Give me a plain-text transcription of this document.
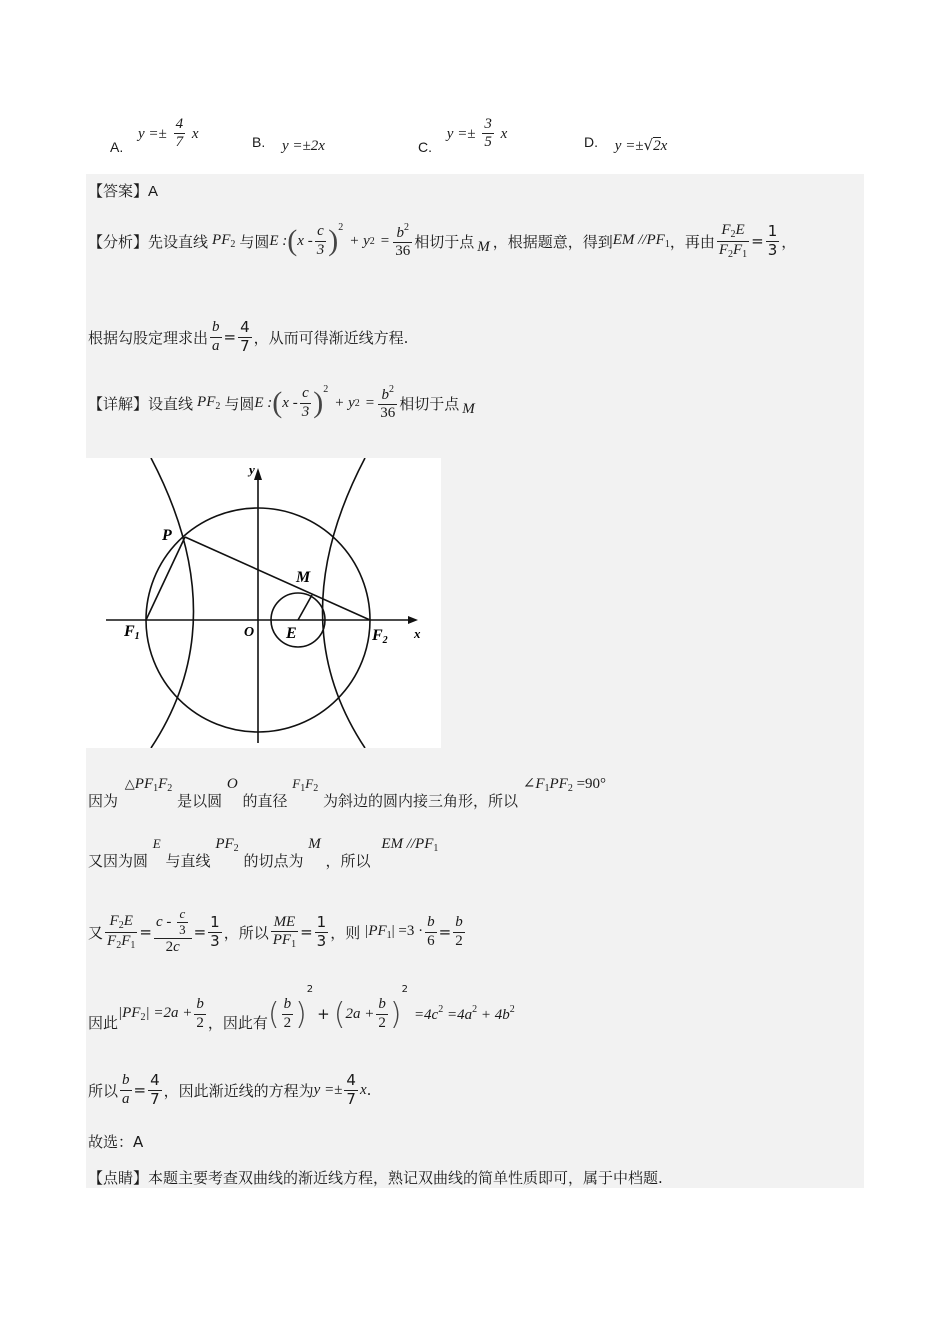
A. $y =\pm \frac{4}{7}$ x
B. y =±2x	C. $y =\pm \frac{3}{5}$ x
D. y =±√2x
【答案】A
【分析】 先设直线 $PF_2$ 与圆 E : ( x - $\frac{c}{3}$ ) 2
+ y $2 = \frac{b^2}{36}$ 相切于点 M ，根据题意，得到 EM $//PF_1$ ，再由 $\frac{F_2E}{F_2F_1} = \frac{1}{3}$ ，
根据勾股定理求出 $\frac{b}{a} = \frac{4}{7}$ ，从而可得渐近线方程.
【详解】 设直线 $PF_2$ 与圆 E : ( x - $\frac{c}{3}$ ) 2
+ y $2 = \frac{b^2}{36}$ 相切于点 M
y
x
P
M
O E
F1	F2
因为 $\triangle PF_1F_2$ 是以圆 O 的直径 $F_1F_2$ 为斜边的圆内接三角形，所以 $\angle F_1PF_2 =90^\circ$
又因为圆 E 与直线 $PF_2$ 的切点为 M ，所以 EM $//PF_1$
又 $\frac{F_2E}{F_2F_1} = \frac{c - \frac{c}{3}}{2c} = \frac{1}{3}$ ，所以 $\frac{ME}{PF_1} = \frac{1}{3}$ ，则 $|PF_1| =3 \cdot \frac{b}{6} = \frac{b}{2}$
因此
$|PF_2| =2a + \frac{b}{2}$ ，因此有 ( $\frac{b}{2}$ )
2
+ ( $2a + \frac{b}{2}$ )
2
$=4c^2 =4a^2 + 4b^2$
所以 $\frac{b}{a} = \frac{4}{7}$ ，因此渐近线的方程为 $y =\pm \frac{4}{7}$ x .
故选：A
【点睛】本题主要考查双曲线的渐近线方程，熟记双曲线的简单性质即可，属于中档题.
